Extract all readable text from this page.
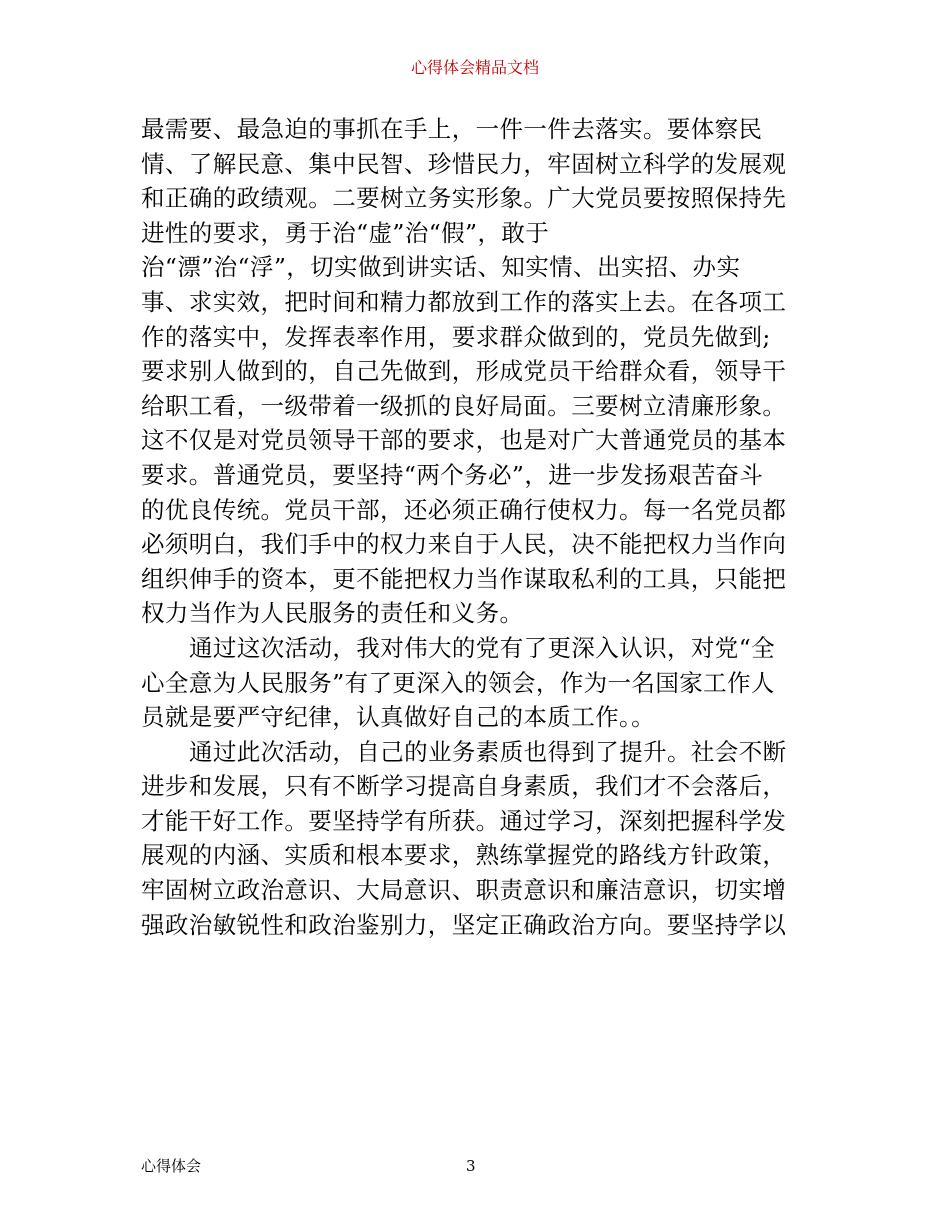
心得体会精品文档
最需要、最急迫的事抓在手上，一件一件去落实。要体察民
情、了解民意、集中民智、珍惜民力，牢固树立科学的发展观
和正确的政绩观。二要树立务实形象。广大党员要按照保持先
进性的要求，勇于治“虚”治“假”，敢于
治“漂”治“浮”，切实做到讲实话、知实情、出实招、办实
事、求实效，把时间和精力都放到工作的落实上去。在各项工
作的落实中，发挥表率作用，要求群众做到的，党员先做到;
要求别人做到的，自己先做到，形成党员干给群众看，领导干
给职工看，一级带着一级抓的良好局面。三要树立清廉形象。
这不仅是对党员领导干部的要求，也是对广大普通党员的基本
要求。普通党员，要坚持“两个务必”，进一步发扬艰苦奋斗
的优良传统。党员干部，还必须正确行使权力。每一名党员都
必须明白，我们手中的权力来自于人民，决不能把权力当作向
组织伸手的资本，更不能把权力当作谋取私利的工具，只能把
权力当作为人民服务的责任和义务。
通过这次活动，我对伟大的党有了更深入认识，对党“全
心全意为人民服务”有了更深入的领会，作为一名国家工作人
员就是要严守纪律，认真做好自己的本质工作。。
通过此次活动，自己的业务素质也得到了提升。社会不断
进步和发展，只有不断学习提高自身素质，我们才不会落后，
才能干好工作。要坚持学有所获。通过学习，深刻把握科学发
展观的内涵、实质和根本要求，熟练掌握党的路线方针政策，
牢固树立政治意识、大局意识、职责意识和廉洁意识，切实增
强政治敏锐性和政治鉴别力，坚定正确政治方向。要坚持学以
心得体会	3
